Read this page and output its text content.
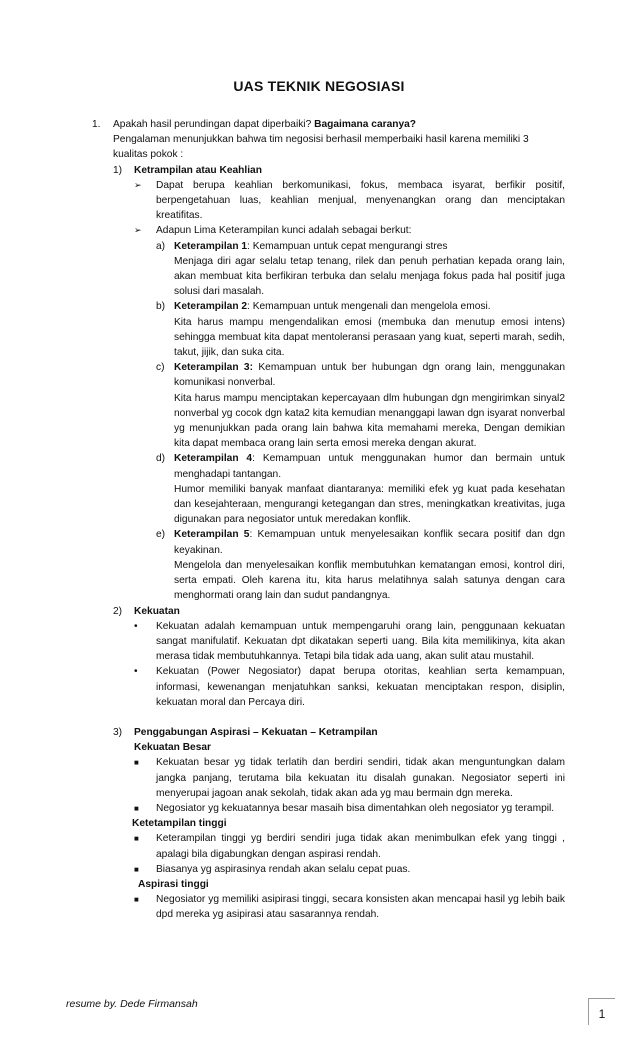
UAS TEKNIK NEGOSIASI
1.	Apakah hasil perundingan dapat diperbaiki? Bagaimana caranya?

Pengalaman menunjukkan bahwa tim negosisi berhasil memperbaiki hasil karena memiliki 3 kualitas pokok :

1)	Ketrampilan atau Keahlian
➢	Dapat berupa keahlian berkomunikasi, fokus, membaca isyarat, berfikir positif, berpengetahuan luas, keahlian menjual, menyenangkan orang dan menciptakan kreatifitas.
➢	Adapun Lima Keterampilan kunci adalah sebagai berkut:
a) Keterampilan 1: Kemampuan untuk cepat mengurangi stres

Menjaga diri agar selalu tetap tenang, rilek dan penuh perhatian kepada orang lain, akan membuat kita berfikiran terbuka dan selalu menjaga fokus pada hal positif juga solusi dari masalah.

b) Keterampilan 2: Kemampuan untuk mengenali dan mengelola emosi.

Kita harus mampu mengendalikan emosi (membuka dan menutup emosi intens) sehingga membuat kita dapat mentoleransi perasaan yang kuat, seperti marah, sedih, takut, jijik, dan suka cita.

c) Keterampilan 3: Kemampuan untuk ber hubungan dgn orang lain, menggunakan komunikasi nonverbal.

Kita harus mampu menciptakan kepercayaan dlm hubungan dgn mengirimkan sinyal2 nonverbal yg cocok dgn kata2 kita kemudian menanggapi lawan dgn isyarat nonverbal yg menunjukkan pada orang lain bahwa kita memahami mereka, Dengan demikian kita dapat membaca orang lain serta emosi mereka dengan akurat.

d) Keterampilan 4: Kemampuan untuk menggunakan humor dan bermain untuk menghadapi tantangan.

Humor memiliki banyak manfaat diantaranya: memiliki efek yg kuat pada kesehatan dan kesejahteraan, mengurangi ketegangan dan stres, meningkatkan kreativitas, juga digunakan para negosiator untuk meredakan konflik.

e) Keterampilan 5: Kemampuan untuk menyelesaikan konflik secara positif dan dgn keyakinan.

Mengelola dan menyelesaikan konflik membutuhkan kematangan emosi, kontrol diri, serta empati. Oleh karena itu, kita harus melatihnya salah satunya dengan cara menghormati orang lain dan sudut pandangnya.

2)	Kekuatan
•	Kekuatan adalah kemampuan untuk mempengaruhi orang lain, penggunaan kekuatan sangat manifulatif. Kekuatan dpt dikatakan seperti uang. Bila kita memilikinya, kita akan merasa tidak membutuhkannya. Tetapi bila tidak ada uang, akan sulit atau mustahil.
•	Kekuatan (Power Negosiator) dapat berupa otoritas, keahlian serta kemampuan, informasi, kewenangan menjatuhkan sanksi, kekuatan menciptakan respon, disiplin, kekuatan moral dan Percaya diri.
3)	Penggabungan Aspirasi – Kekuatan – Ketrampilan

Kekuatan Besar

■	Kekuatan besar yg tidak terlatih dan berdiri sendiri, tidak akan menguntungkan dalam jangka panjang, terutama bila kekuatan itu disalah gunakan. Negosiator seperti ini menyerupai jagoan anak sekolah, tidak akan ada yg mau bermain dgn mereka.
■	Negosiator yg kekuatannya besar masaih bisa dimentahkan oleh negosiator yg terampil.

Ketetampilan tinggi

■	Keterampilan tinggi yg berdiri sendiri juga tidak akan menimbulkan efek yang tinggi , apalagi bila digabungkan dengan aspirasi rendah.
■	Biasanya yg aspirasinya rendah akan selalu cepat puas.

Aspirasi tinggi

■	Negosiator yg memiliki asipirasi tinggi, secara konsisten akan mencapai hasil yg lebih baik dpd mereka yg asipirasi atau sasarannya rendah.
resume by. Dede Firmansah
1
